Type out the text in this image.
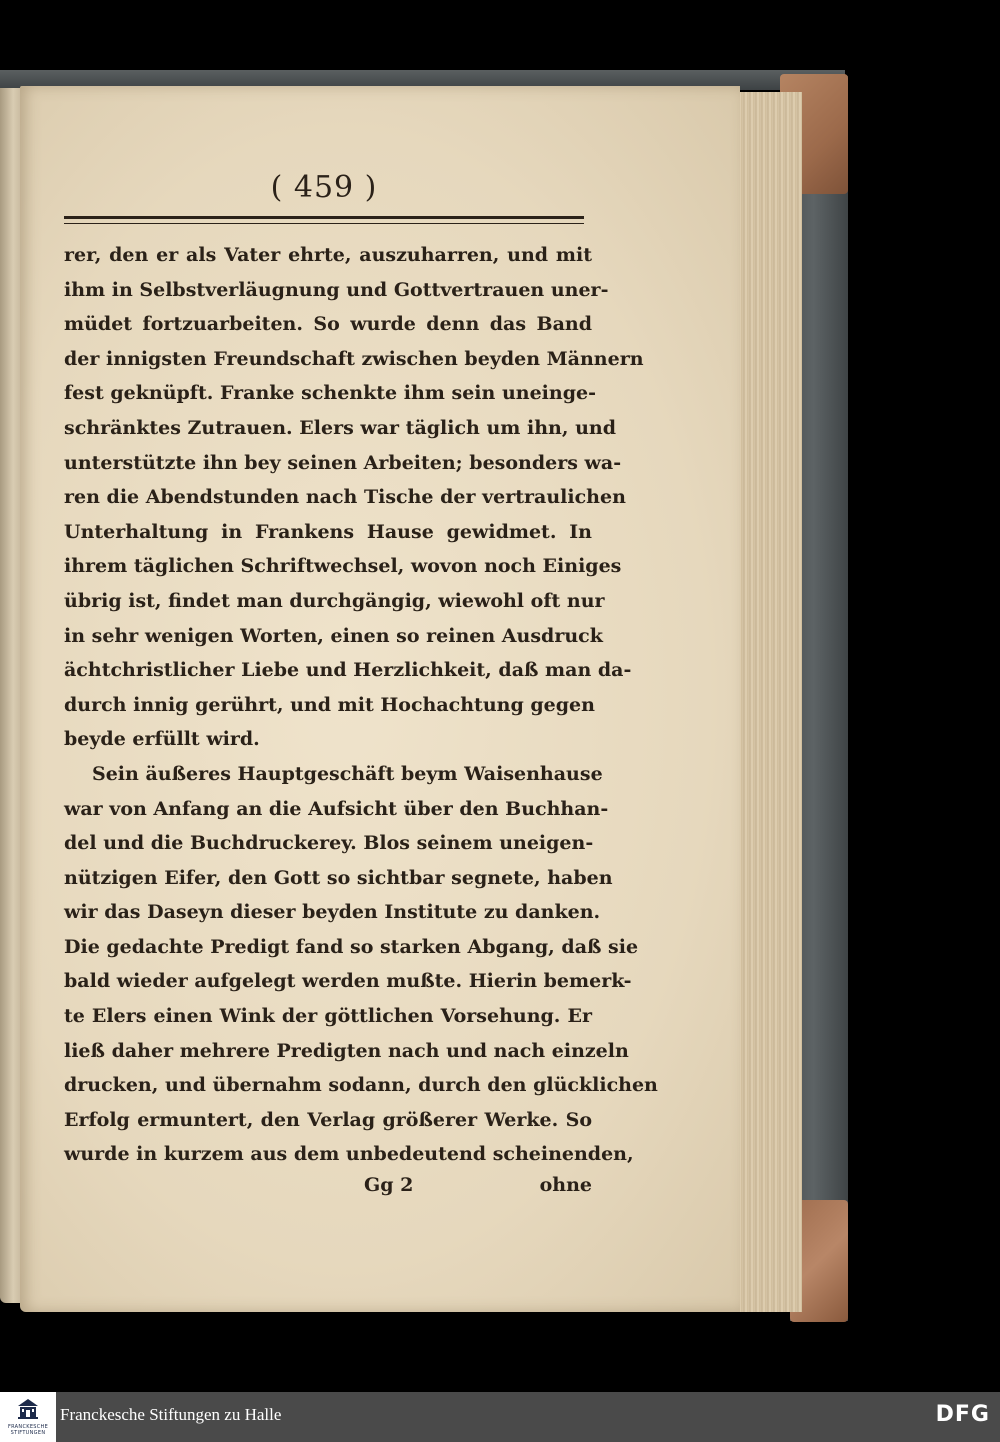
( 459 )
rer, den er als Vater ehrte, auszuharren, und mit
ihm in Selbstverläugnung und Gottvertrauen uner-
müdet fortzuarbeiten. So wurde denn das Band
der innigsten Freundschaft zwischen beyden Männern
fest geknüpft. Franke schenkte ihm sein uneinge-
schränktes Zutrauen. Elers war täglich um ihn, und
unterstützte ihn bey seinen Arbeiten; besonders wa-
ren die Abendstunden nach Tische der vertraulichen
Unterhaltung in Frankens Hause gewidmet. In
ihrem täglichen Schriftwechsel, wovon noch Einiges
übrig ist, findet man durchgängig, wiewohl oft nur
in sehr wenigen Worten, einen so reinen Ausdruck
ächtchristlicher Liebe und Herzlichkeit, daß man da-
durch innig gerührt, und mit Hochachtung gegen
beyde erfüllt wird.
Sein äußeres Hauptgeschäft beym Waisenhause
war von Anfang an die Aufsicht über den Buchhan-
del und die Buchdruckerey. Blos seinem uneigen-
nützigen Eifer, den Gott so sichtbar segnete, haben
wir das Daseyn dieser beyden Institute zu danken.
Die gedachte Predigt fand so starken Abgang, daß sie
bald wieder aufgelegt werden mußte. Hierin bemerk-
te Elers einen Wink der göttlichen Vorsehung. Er
ließ daher mehrere Predigten nach und nach einzeln
drucken, und übernahm sodann, durch den glücklichen
Erfolg ermuntert, den Verlag größerer Werke. So
wurde in kurzem aus dem unbedeutend scheinenden,
Gg 2	ohne
FRANCKESCHE
STIFTUNGEN
Franckesche Stiftungen zu Halle	DFG
